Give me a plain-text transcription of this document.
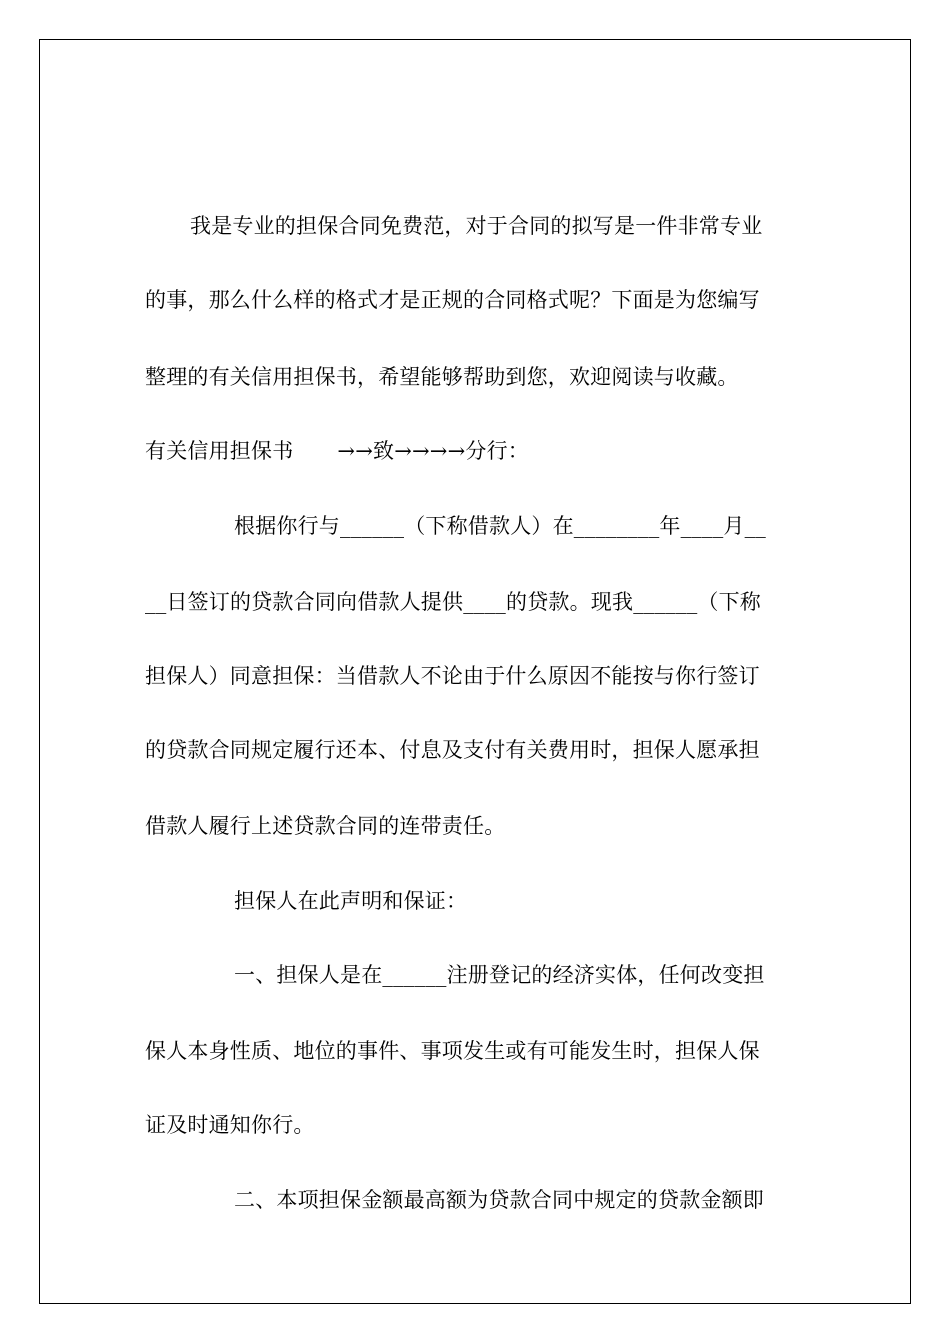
我是专业的担保合同免费范，对于合同的拟写是一件非常专业
的事，那么什么样的格式才是正规的合同格式呢？下面是为您编写
整理的有关信用担保书，希望能够帮助到您，欢迎阅读与收藏。
有关信用担保书 →→致→→→→分行：
根据你行与______（下称借款人）在________年____月__
__日签订的贷款合同向借款人提供____的贷款。现我______（下称
担保人）同意担保：当借款人不论由于什么原因不能按与你行签订
的贷款合同规定履行还本、付息及支付有关费用时，担保人愿承担
借款人履行上述贷款合同的连带责任。
担保人在此声明和保证：
一、担保人是在______注册登记的经济实体，任何改变担
保人本身性质、地位的事件、事项发生或有可能发生时，担保人保
证及时通知你行。
二、本项担保金额最高额为贷款合同中规定的贷款金额即
